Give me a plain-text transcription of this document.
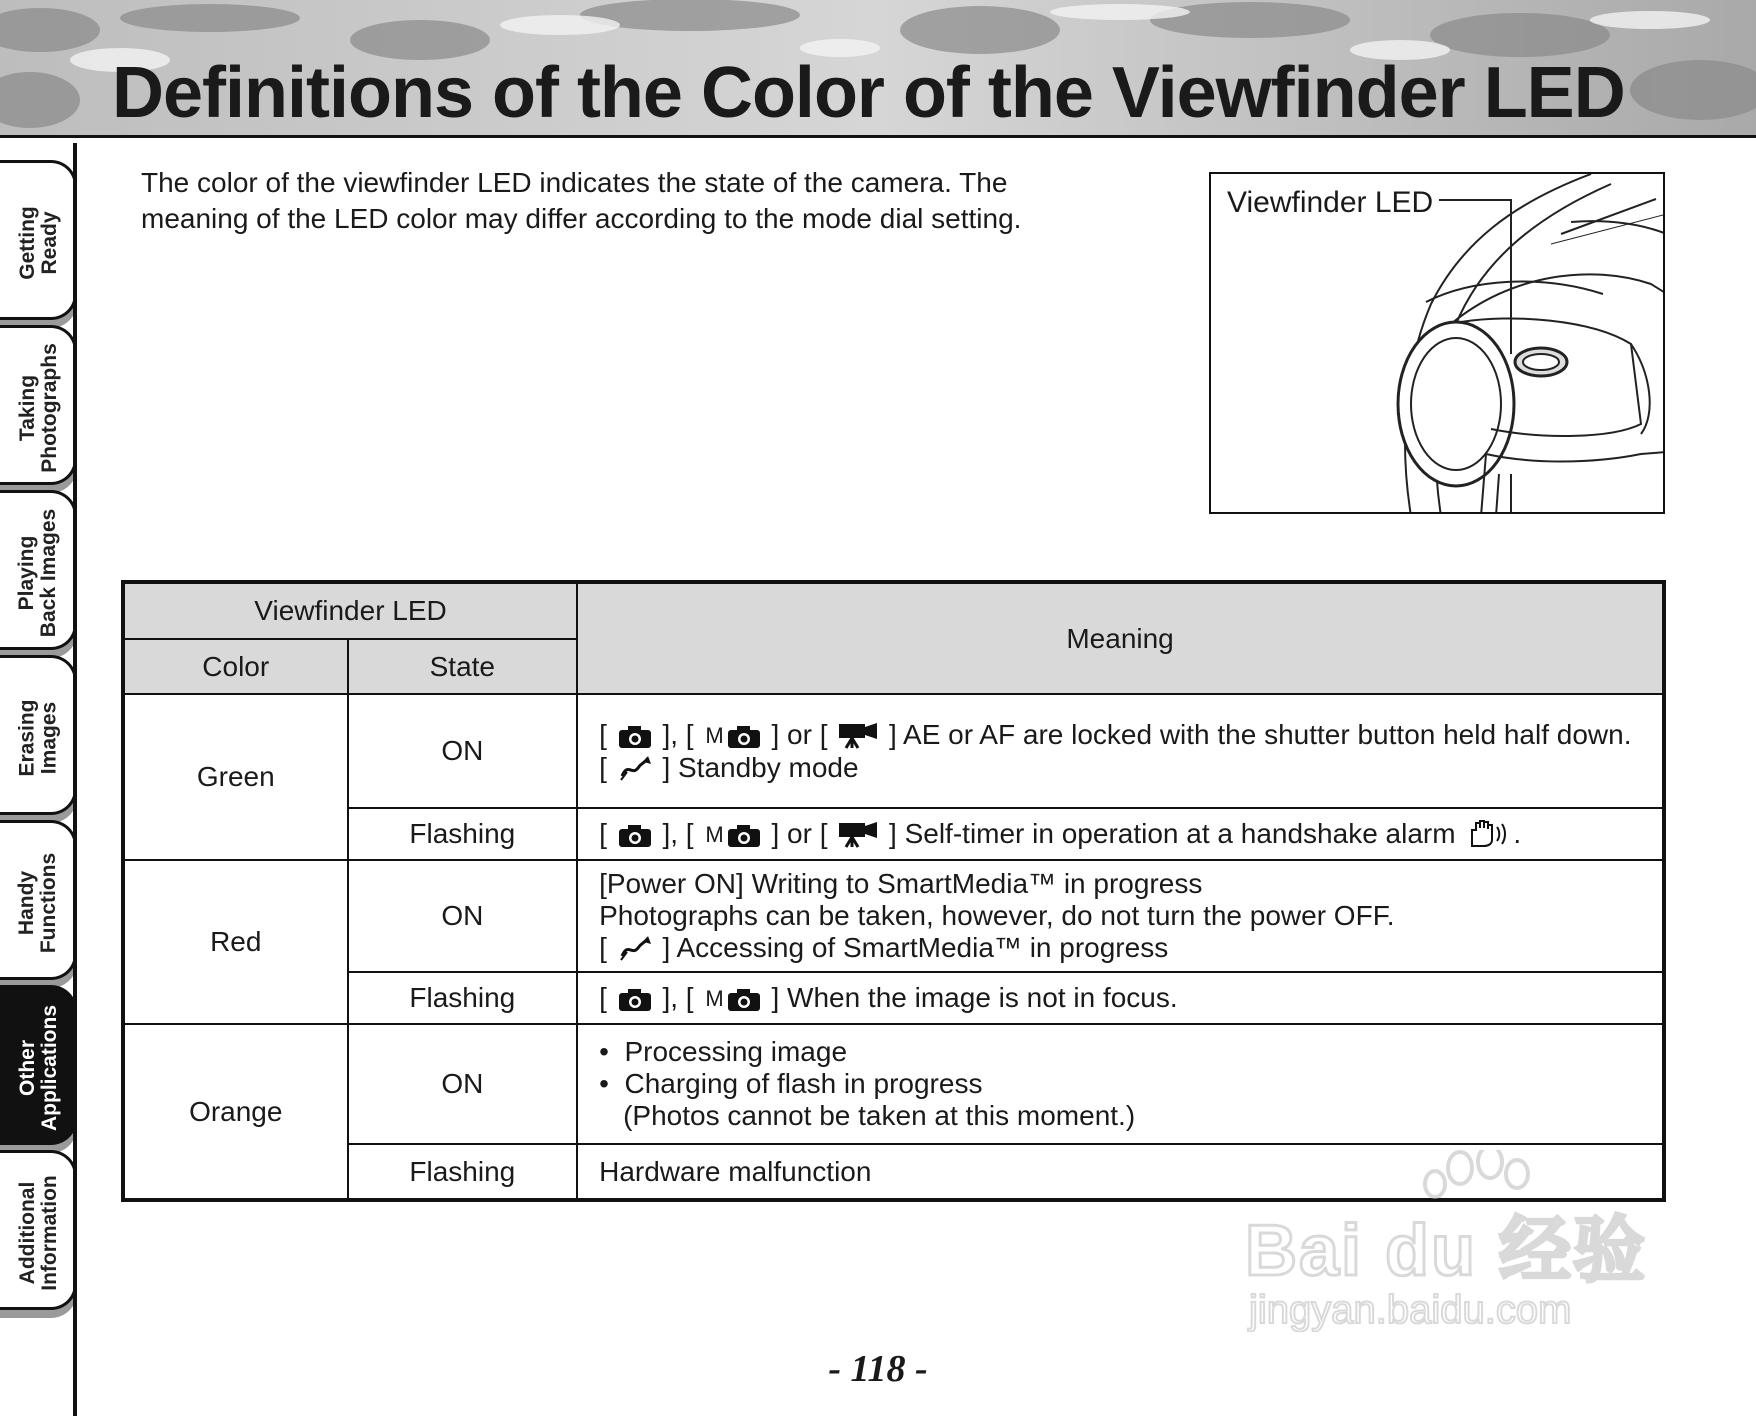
Definitions of the Color of the Viewfinder LED
Getting
Ready
Taking
Photographs
Playing
Back Images
Erasing
Images
Handy
Functions
Other
Applications
Additional
Information
The color of the viewfinder LED indicates the state of the camera. The
meaning of the LED color may differ according to the mode dial setting.	Viewfinder LED
Viewfinder LED		Meaning
Color	State	
Green	ON	[ ], [ M ] or [ ] AE or AF are locked with the shutter button held half down.
[ ] Standby mode
	Flashing	[ ], [ M ] or [ ] Self-timer in operation at a handshake alarm .
Red	ON	[Power ON] Writing to SmartMedia™ in progress
Photographs can be taken, however, do not turn the power OFF.
[ ] Accessing of SmartMedia™ in progress
	Flashing	[ ], [ M ] When the image is not in focus.
Orange	ON	• Processing image
• Charging of flash in progress
(Photos cannot be taken at this moment.)

	Flashing	Hardware malfunction
Bai du 经验
jingyan.baidu.com
- 118 -
